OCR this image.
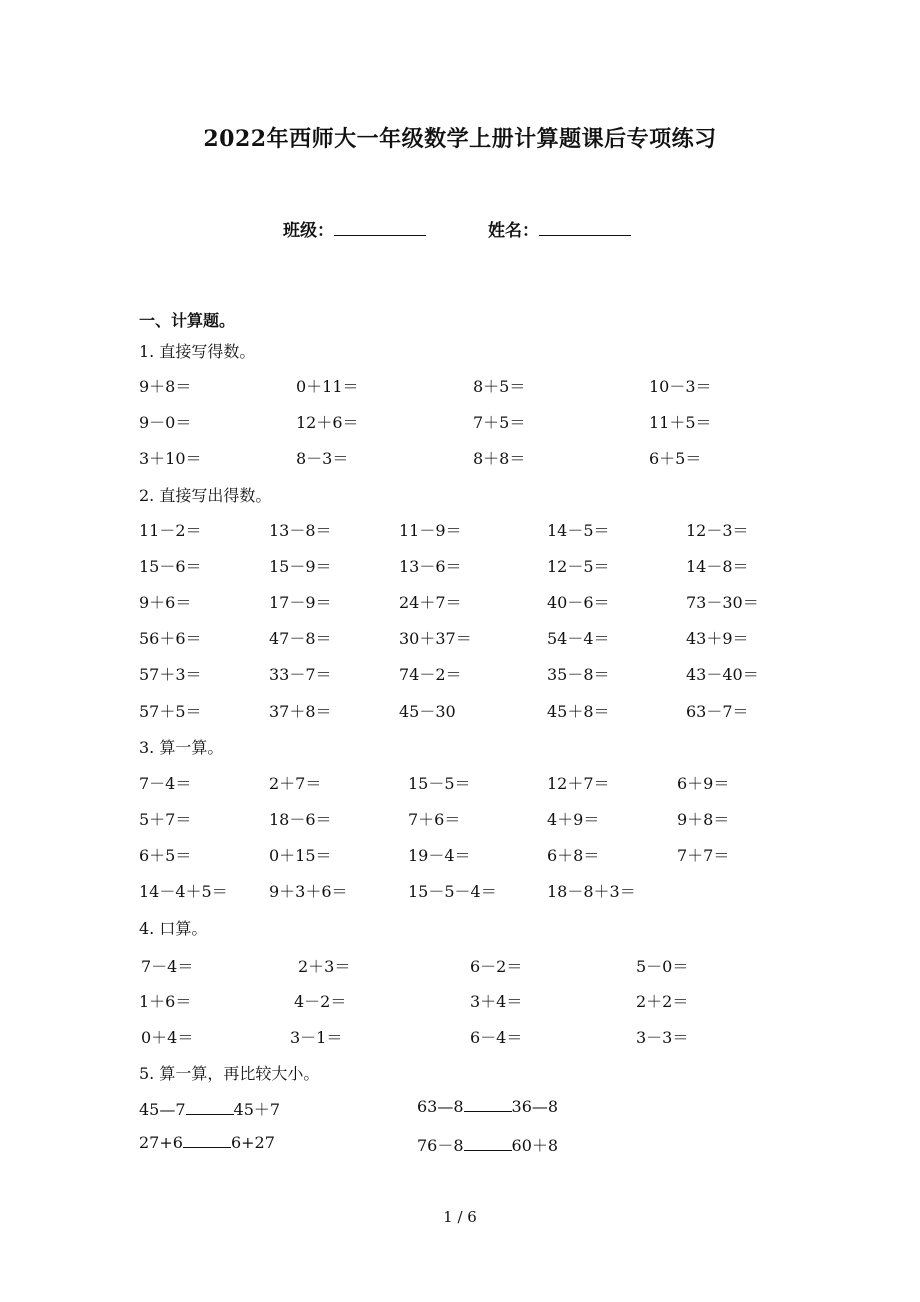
2022年西师大一年级数学上册计算题课后专项练习
班级：	姓名：
一、计算题。
1. 直接写得数。
9＋8＝	0＋11＝	8＋5＝	10－3＝
9－0＝	12＋6＝	7＋5＝	11＋5＝
3＋10＝	8－3＝	8＋8＝	6＋5＝
2. 直接写出得数。
11－2＝	13－8＝	11－9＝	14－5＝	12－3＝
15－6＝	15－9＝	13－6＝	12－5＝	14－8＝
9＋6＝	17－9＝	24＋7＝	40－6＝	73－30＝
56＋6＝	47－8＝	30＋37＝	54－4＝	43＋9＝
57＋3＝	33－7＝	74－2＝	35－8＝	43－40＝
57＋5＝	37＋8＝	45－30	45＋8＝	63－7＝
3. 算一算。
7－4＝	2＋7＝	15－5＝	12＋7＝	6＋9＝
5＋7＝	18－6＝	7＋6＝	4＋9＝	9＋8＝
6＋5＝	0＋15＝	19－4＝	6＋8＝	7＋7＝
14－4＋5＝	9＋3＋6＝	15－5－4＝	18－8＋3＝
4. 口算。
7－4＝	2＋3＝	6－2＝	5－0＝
1＋6＝	4－2＝	3＋4＝	2＋2＝
0＋4＝	3－1＝	6－4＝	3－3＝
5. 算一算，再比较大小。
45—7	45＋7	63—8	36—8
27+6	6+27	76－8	60＋8
1 / 6
